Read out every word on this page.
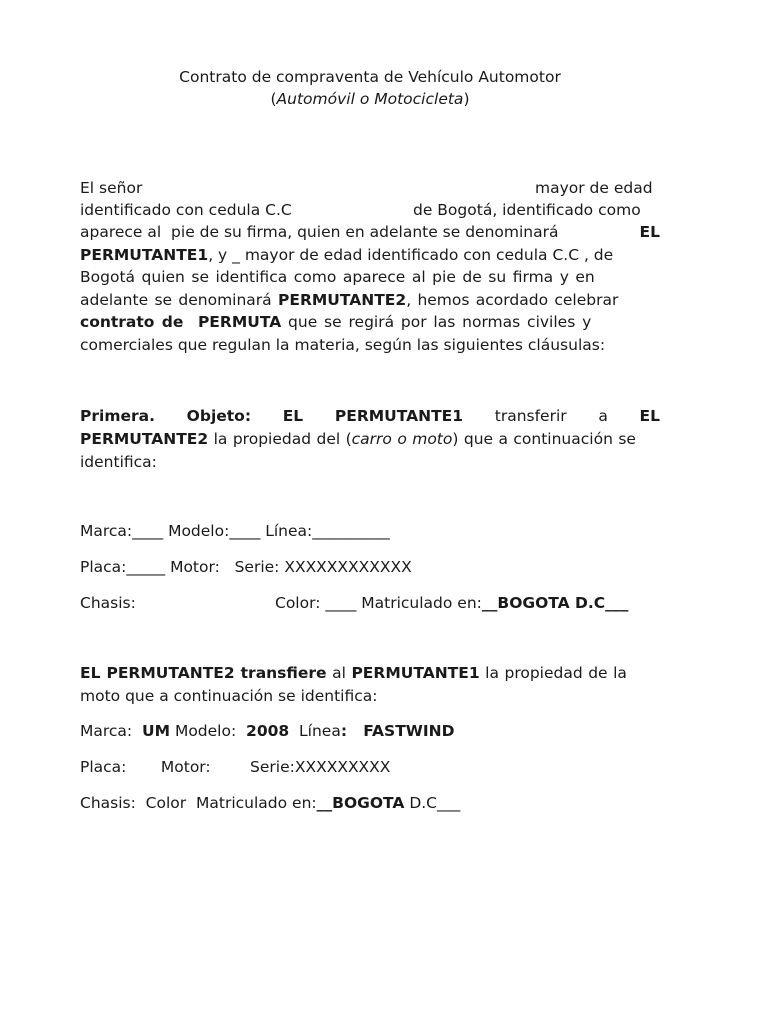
Contrato de compraventa de Vehículo Automotor
(Automóvil o Motocicleta)
El señor	mayor de edad
identificado con cedula C.C	de Bogotá, identificado como
aparece al  pie de su firma, quien en adelante se denominará	EL
PERMUTANTE1, y _ mayor de edad identificado con cedula C.C , de
Bogotá quien se identifica como aparece al pie de su firma y en
adelante se denominará PERMUTANTE2, hemos acordado celebrar
contrato de  PERMUTA que se regirá por las normas civiles y
comerciales que regulan la materia, según las siguientes cláusulas:
Primera. Objeto: EL PERMUTANTE1 transferir a EL
PERMUTANTE2 la propiedad del (carro o moto) que a continuación se
identifica:
Marca:____ Modelo:____ Línea:__________
Placa:_____ Motor:   Serie: XXXXXXXXXXXX
Chasis:	Color: ____ Matriculado en:__BOGOTA D.C___
EL PERMUTANTE2 transfiere al PERMUTANTE1 la propiedad de la
moto que a continuación se identifica:
Marca:  UM Modelo:  2008  Línea:   FASTWIND
Placa:       Motor:        Serie:XXXXXXXXX
Chasis:  Color  Matriculado en:__BOGOTA D.C___
